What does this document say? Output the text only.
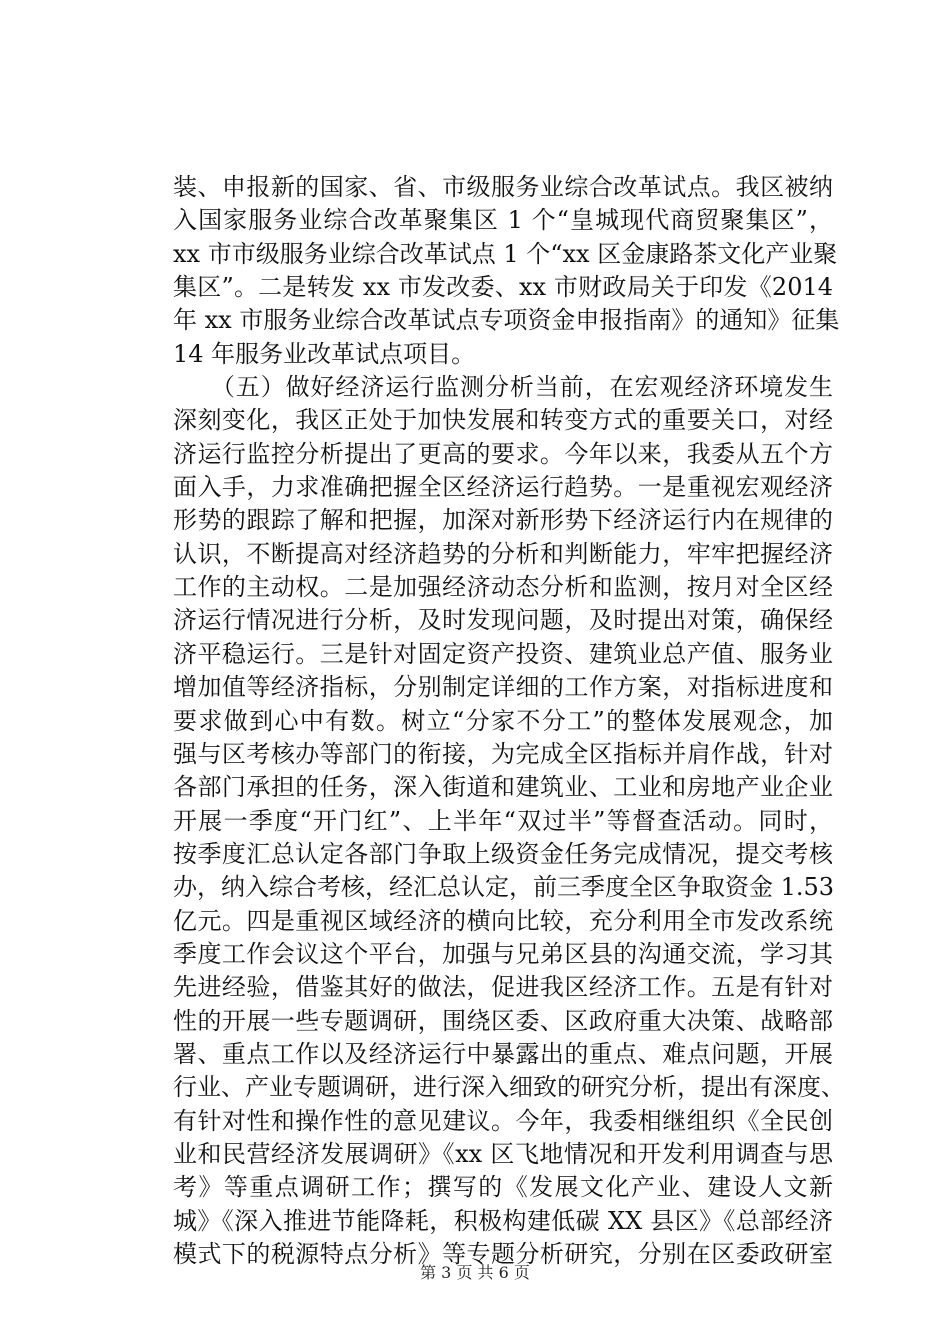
装、申报新的国家、省、市级服务业综合改革试点。我区被纳
入国家服务业综合改革聚集区 1 个“皇城现代商贸聚集区”，
xx 市市级服务业综合改革试点 1 个“xx 区金康路茶文化产业聚
集区”。二是转发 xx 市发改委、xx 市财政局关于印发《2014
年 xx 市服务业综合改革试点专项资金申报指南》的通知》征集
14 年服务业改革试点项目。
　　（五）做好经济运行监测分析当前，在宏观经济环境发生
深刻变化，我区正处于加快发展和转变方式的重要关口，对经
济运行监控分析提出了更高的要求。今年以来，我委从五个方
面入手，力求准确把握全区经济运行趋势。一是重视宏观经济
形势的跟踪了解和把握，加深对新形势下经济运行内在规律的
认识，不断提高对经济趋势的分析和判断能力，牢牢把握经济
工作的主动权。二是加强经济动态分析和监测，按月对全区经
济运行情况进行分析，及时发现问题，及时提出对策，确保经
济平稳运行。三是针对固定资产投资、建筑业总产值、服务业
增加值等经济指标，分别制定详细的工作方案，对指标进度和
要求做到心中有数。树立“分家不分工”的整体发展观念，加
强与区考核办等部门的衔接，为完成全区指标并肩作战，针对
各部门承担的任务，深入街道和建筑业、工业和房地产业企业
开展一季度“开门红”、上半年“双过半”等督查活动。同时，
按季度汇总认定各部门争取上级资金任务完成情况，提交考核
办，纳入综合考核，经汇总认定，前三季度全区争取资金 1.53
亿元。四是重视区域经济的横向比较，充分利用全市发改系统
季度工作会议这个平台，加强与兄弟区县的沟通交流，学习其
先进经验，借鉴其好的做法，促进我区经济工作。五是有针对
性的开展一些专题调研，围绕区委、区政府重大决策、战略部
署、重点工作以及经济运行中暴露出的重点、难点问题，开展
行业、产业专题调研，进行深入细致的研究分析，提出有深度、
有针对性和操作性的意见建议。今年，我委相继组织《全民创
业和民营经济发展调研》《xx 区飞地情况和开发利用调查与思
考》等重点调研工作；撰写的《发展文化产业、建设人文新
城》《深入推进节能降耗，积极构建低碳 XX 县区》《总部经济
模式下的税源特点分析》等专题分析研究，分别在区委政研室
第 3 页 共 6 页
